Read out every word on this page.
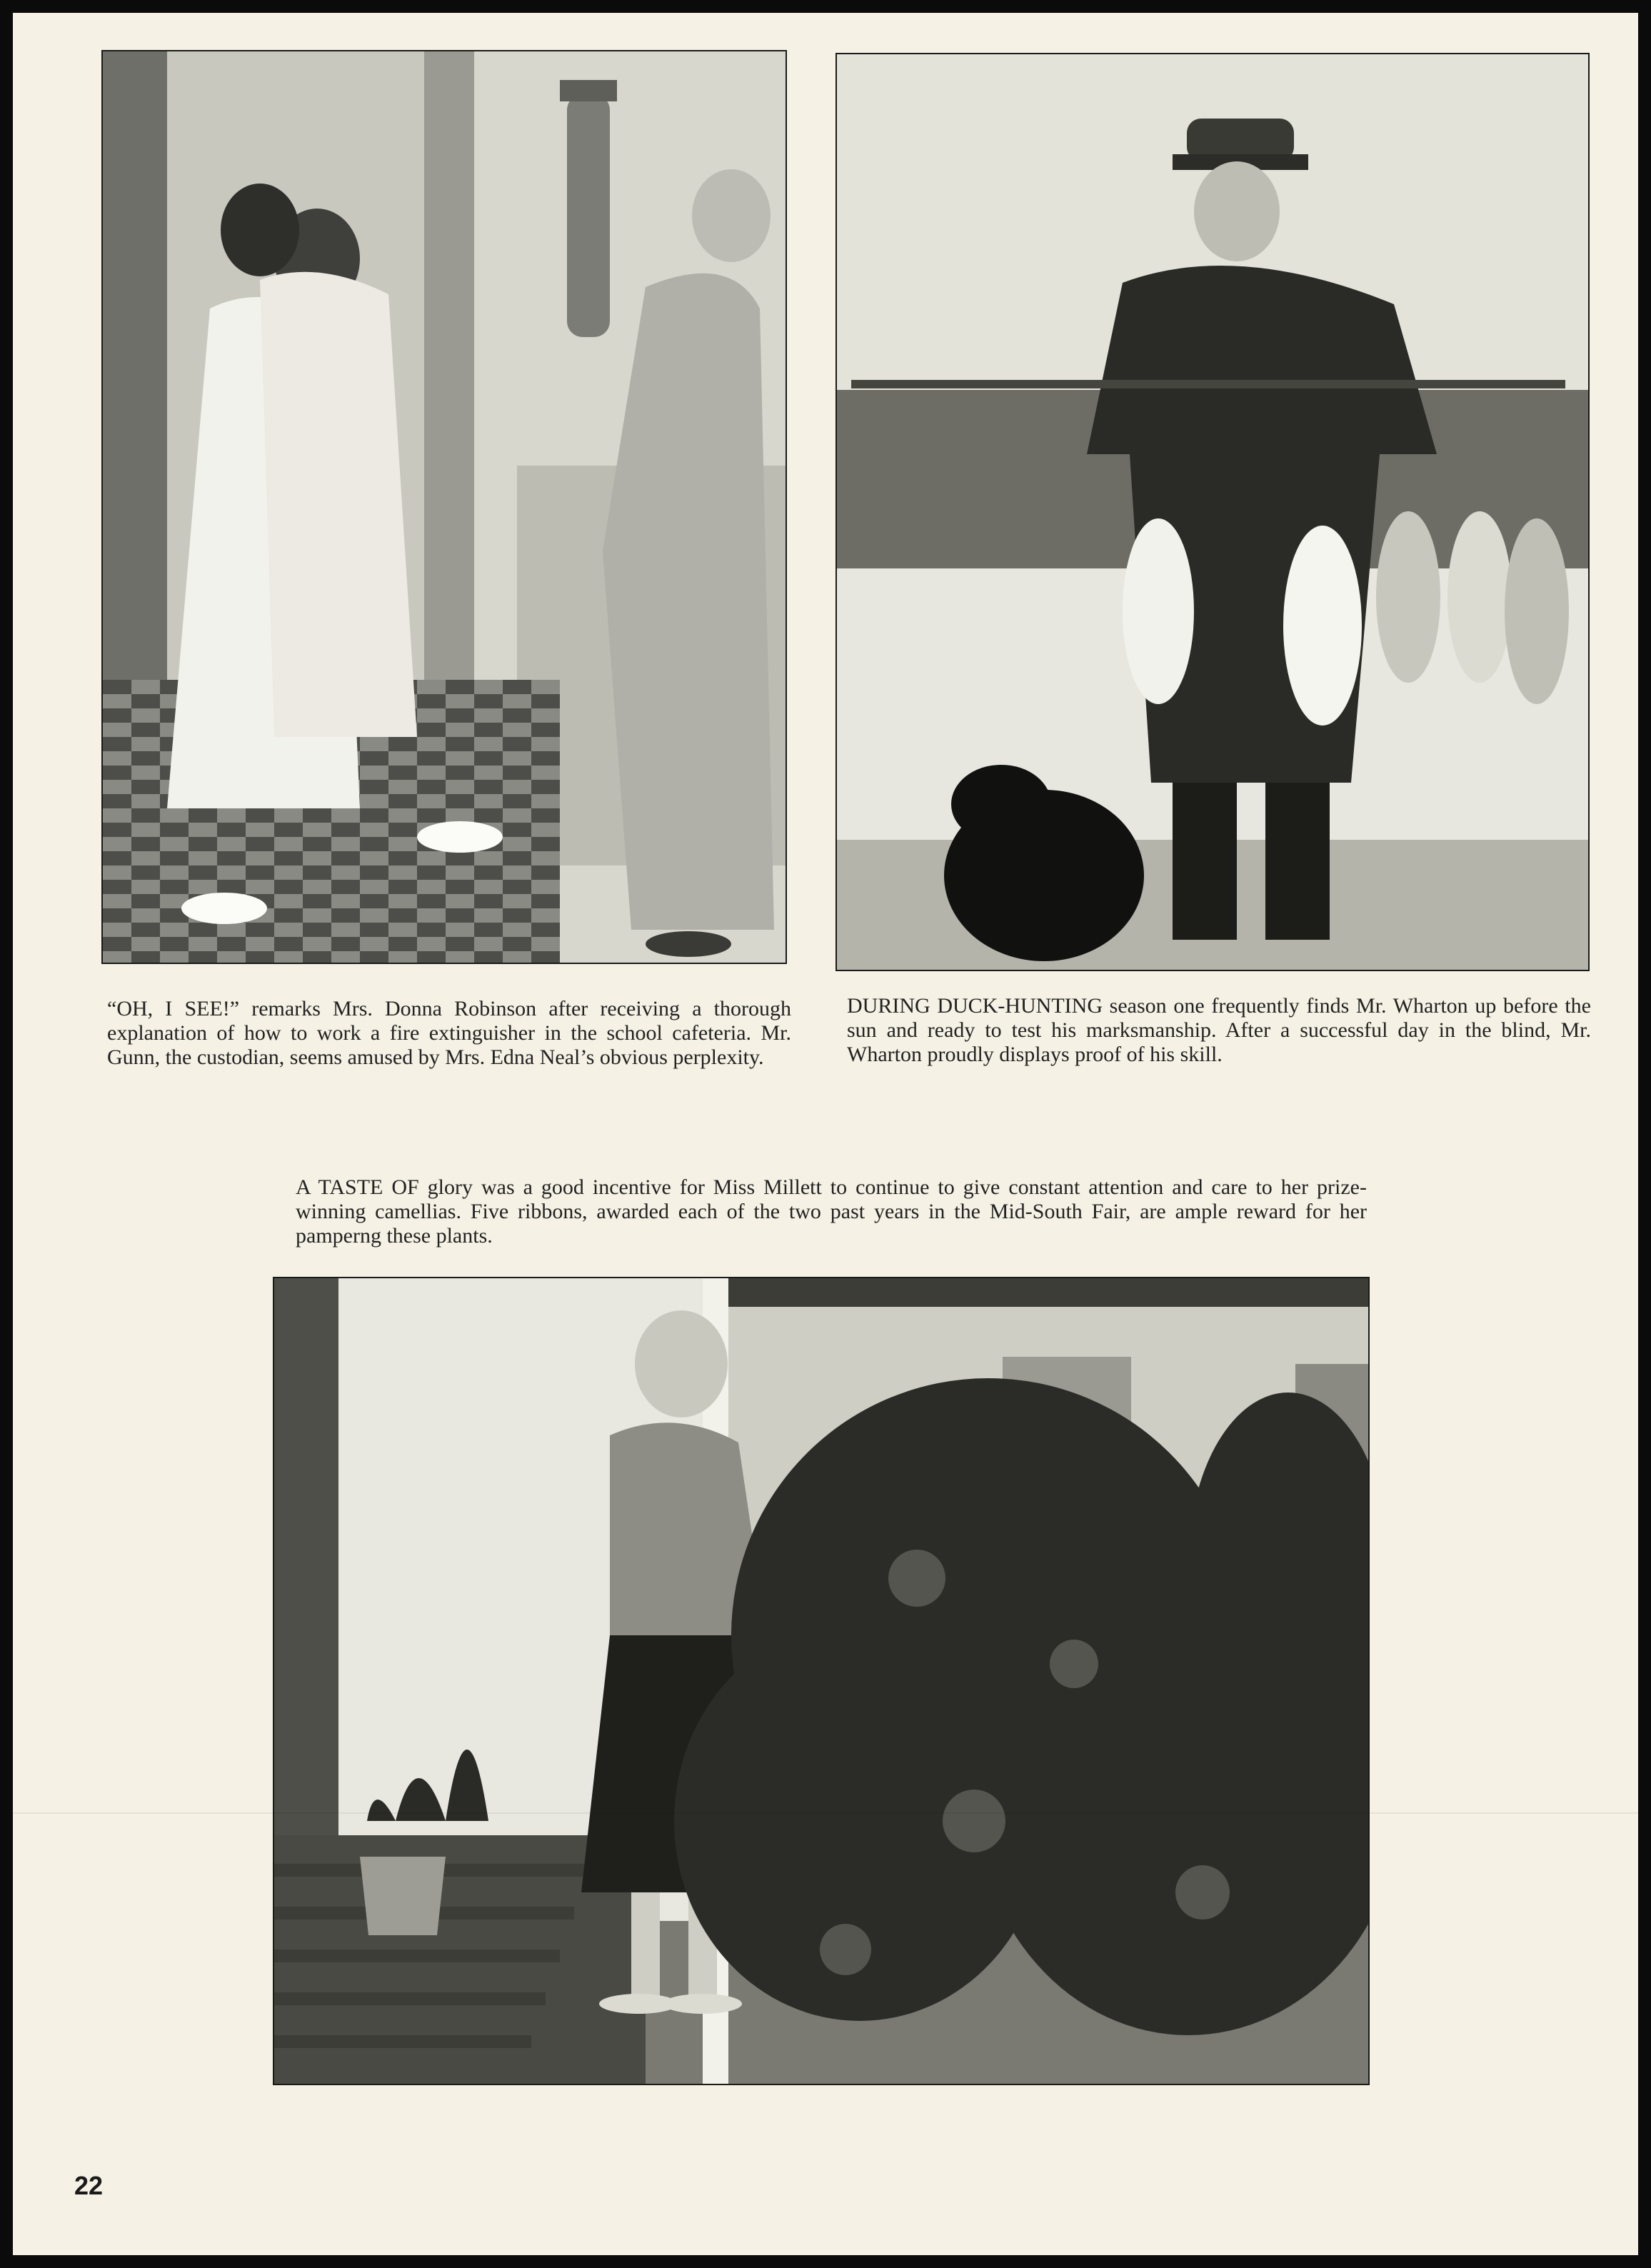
“OH, I SEE!” remarks Mrs. Donna Robinson after receiving a thorough explanation of how to work a fire extinguisher in the school cafeteria. Mr. Gunn, the custodian, seems amused by Mrs. Edna Neal’s obvious perplexity.

DURING DUCK-HUNTING season one frequently finds Mr. Wharton up before the sun and ready to test his marksmanship. After a successful day in the blind, Mr. Wharton proudly displays proof of his skill.

A TASTE OF glory was a good incentive for Miss Millett to continue to give constant attention and care to her prize-winning camellias. Five ribbons, awarded each of the two past years in the Mid-South Fair, are ample reward for her pamperng these plants.

22
